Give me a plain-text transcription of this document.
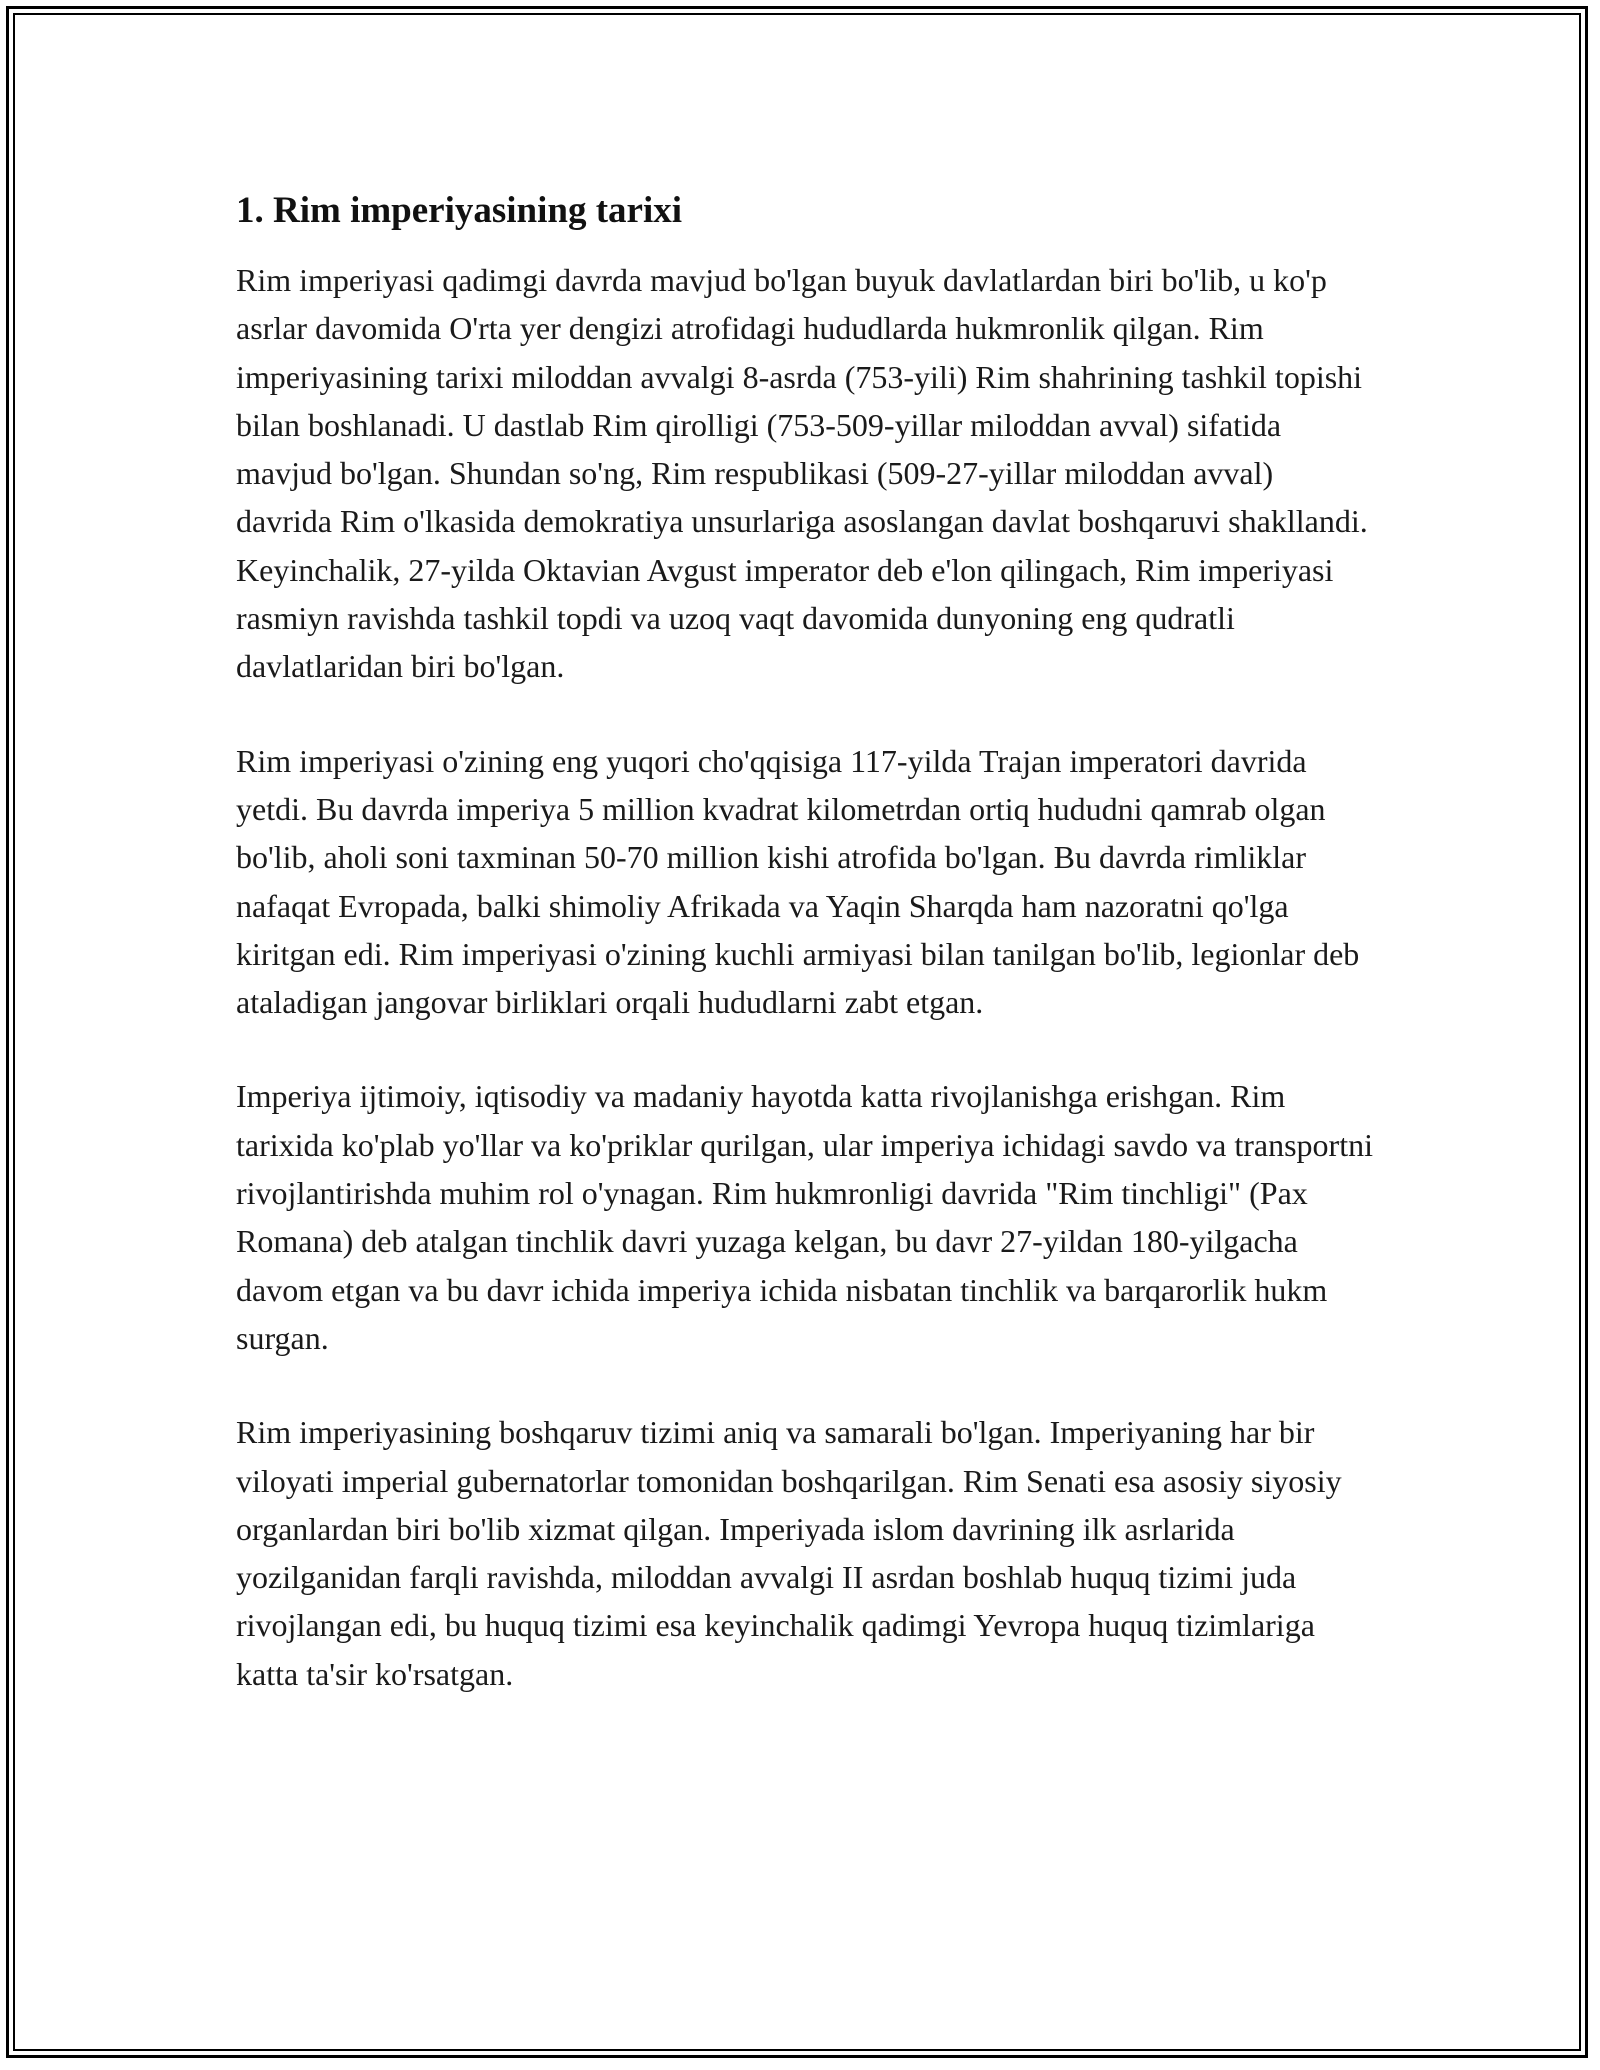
1. Rim imperiyasining tarixi

Rim imperiyasi qadimgi davrda mavjud bo'lgan buyuk davlatlardan biri bo'lib, u ko'p asrlar davomida O'rta yer dengizi atrofidagi hududlarda hukmronlik qilgan. Rim imperiyasining tarixi miloddan avvalgi 8-asrda (753-yili) Rim shahrining tashkil topishi bilan boshlanadi. U dastlab Rim qirolligi (753-509-yillar miloddan avval) sifatida mavjud bo'lgan. Shundan so'ng, Rim respublikasi (509-27-yillar miloddan avval) davrida Rim o'lkasida demokratiya unsurlariga asoslangan davlat boshqaruvi shakllandi. Keyinchalik, 27-yilda Oktavian Avgust imperator deb e'lon qilingach, Rim imperiyasi rasmiyn ravishda tashkil topdi va uzoq vaqt davomida dunyoning eng qudratli davlatlaridan biri bo'lgan.

Rim imperiyasi o'zining eng yuqori cho'qqisiga 117-yilda Trajan imperatori davrida yetdi. Bu davrda imperiya 5 million kvadrat kilometrdan ortiq hududni qamrab olgan bo'lib, aholi soni taxminan 50-70 million kishi atrofida bo'lgan. Bu davrda rimliklar nafaqat Evropada, balki shimoliy Afrikada va Yaqin Sharqda ham nazoratni qo'lga kiritgan edi. Rim imperiyasi o'zining kuchli armiyasi bilan tanilgan bo'lib, legionlar deb ataladigan jangovar birliklari orqali hududlarni zabt etgan.

Imperiya ijtimoiy, iqtisodiy va madaniy hayotda katta rivojlanishga erishgan. Rim tarixida ko'plab yo'llar va ko'priklar qurilgan, ular imperiya ichidagi savdo va transportni rivojlantirishda muhim rol o'ynagan. Rim hukmronligi davrida "Rim tinchligi" (Pax Romana) deb atalgan tinchlik davri yuzaga kelgan, bu davr 27-yildan 180-yilgacha davom etgan va bu davr ichida imperiya ichida nisbatan tinchlik va barqarorlik hukm surgan.

Rim imperiyasining boshqaruv tizimi aniq va samarali bo'lgan. Imperiyaning har bir viloyati imperial gubernatorlar tomonidan boshqarilgan. Rim Senati esa asosiy siyosiy organlardan biri bo'lib xizmat qilgan. Imperiyada islom davrining ilk asrlarida yozilganidan farqli ravishda, miloddan avvalgi II asrdan boshlab huquq tizimi juda rivojlangan edi, bu huquq tizimi esa keyinchalik qadimgi Yevropa huquq tizimlariga katta ta'sir ko'rsatgan.
